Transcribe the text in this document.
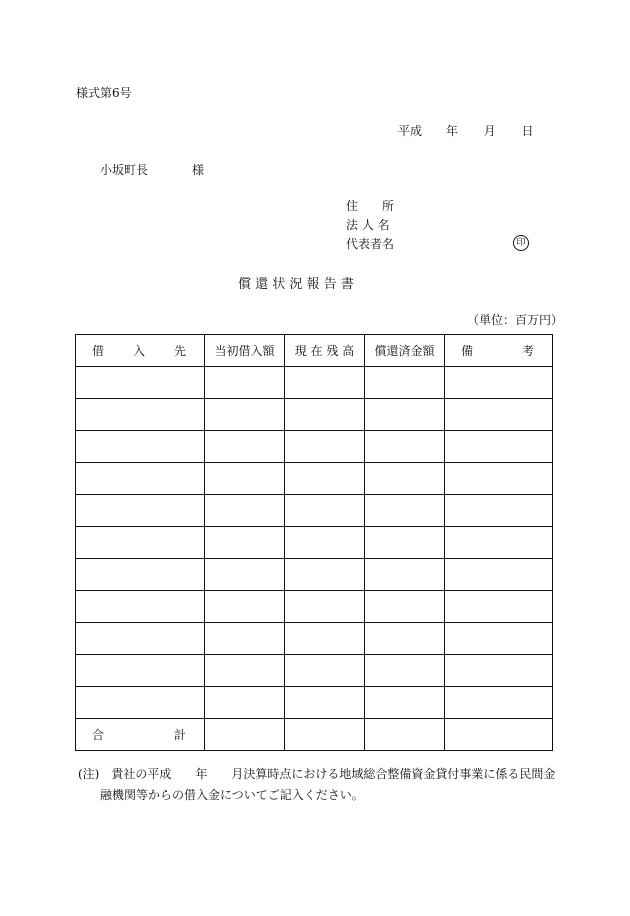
様式第6号
平成 年 月 日
小坂町長	様
住　　所
法 人 名
代表者名	印
償 還 状 況 報 告 書
（単位：百万円）
借 入 先	当初借入額	現 在 残 高	償還済金額	備 考

合 計				

(注)　貴社の平成　　年　　月決算時点における地域総合整備資金貸付事業に係る民間金
融機関等からの借入金についてご記入ください。
